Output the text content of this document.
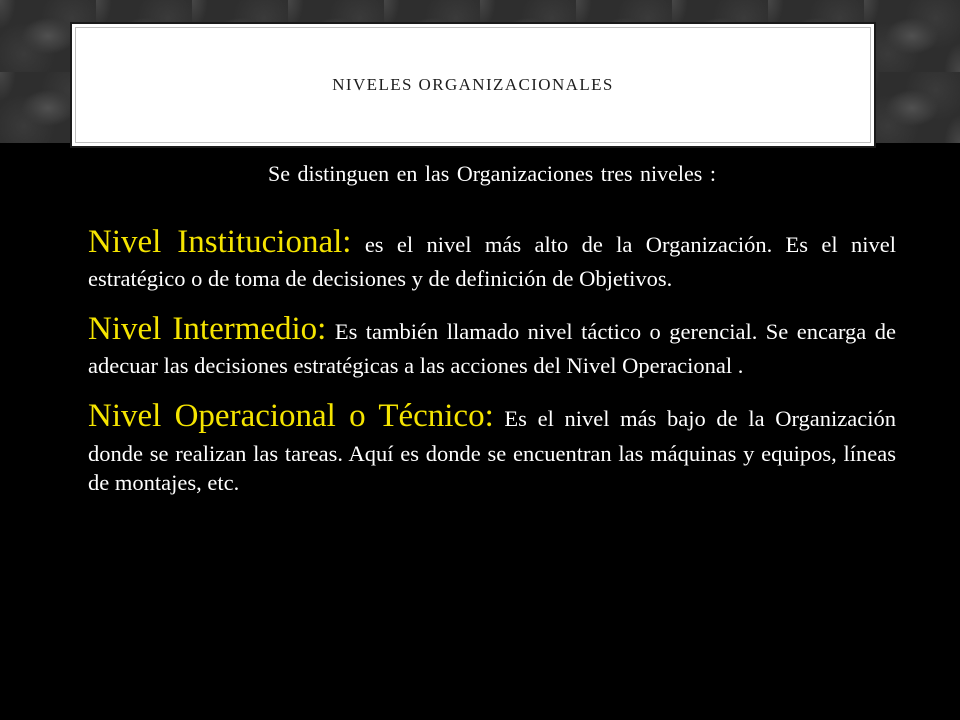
NIVELES ORGANIZACIONALES

Se distinguen en las Organizaciones tres niveles :

Nivel Institucional: es el nivel más alto de la Organización. Es el nivel estratégico o de toma de decisiones y de definición de Objetivos.

Nivel Intermedio: Es también llamado nivel táctico o gerencial. Se encarga de adecuar las decisiones estratégicas a las acciones del Nivel Operacional .

Nivel Operacional o Técnico: Es el nivel más bajo de la Organización donde se realizan las tareas. Aquí es donde se encuentran las máquinas y equipos, líneas de montajes, etc.
